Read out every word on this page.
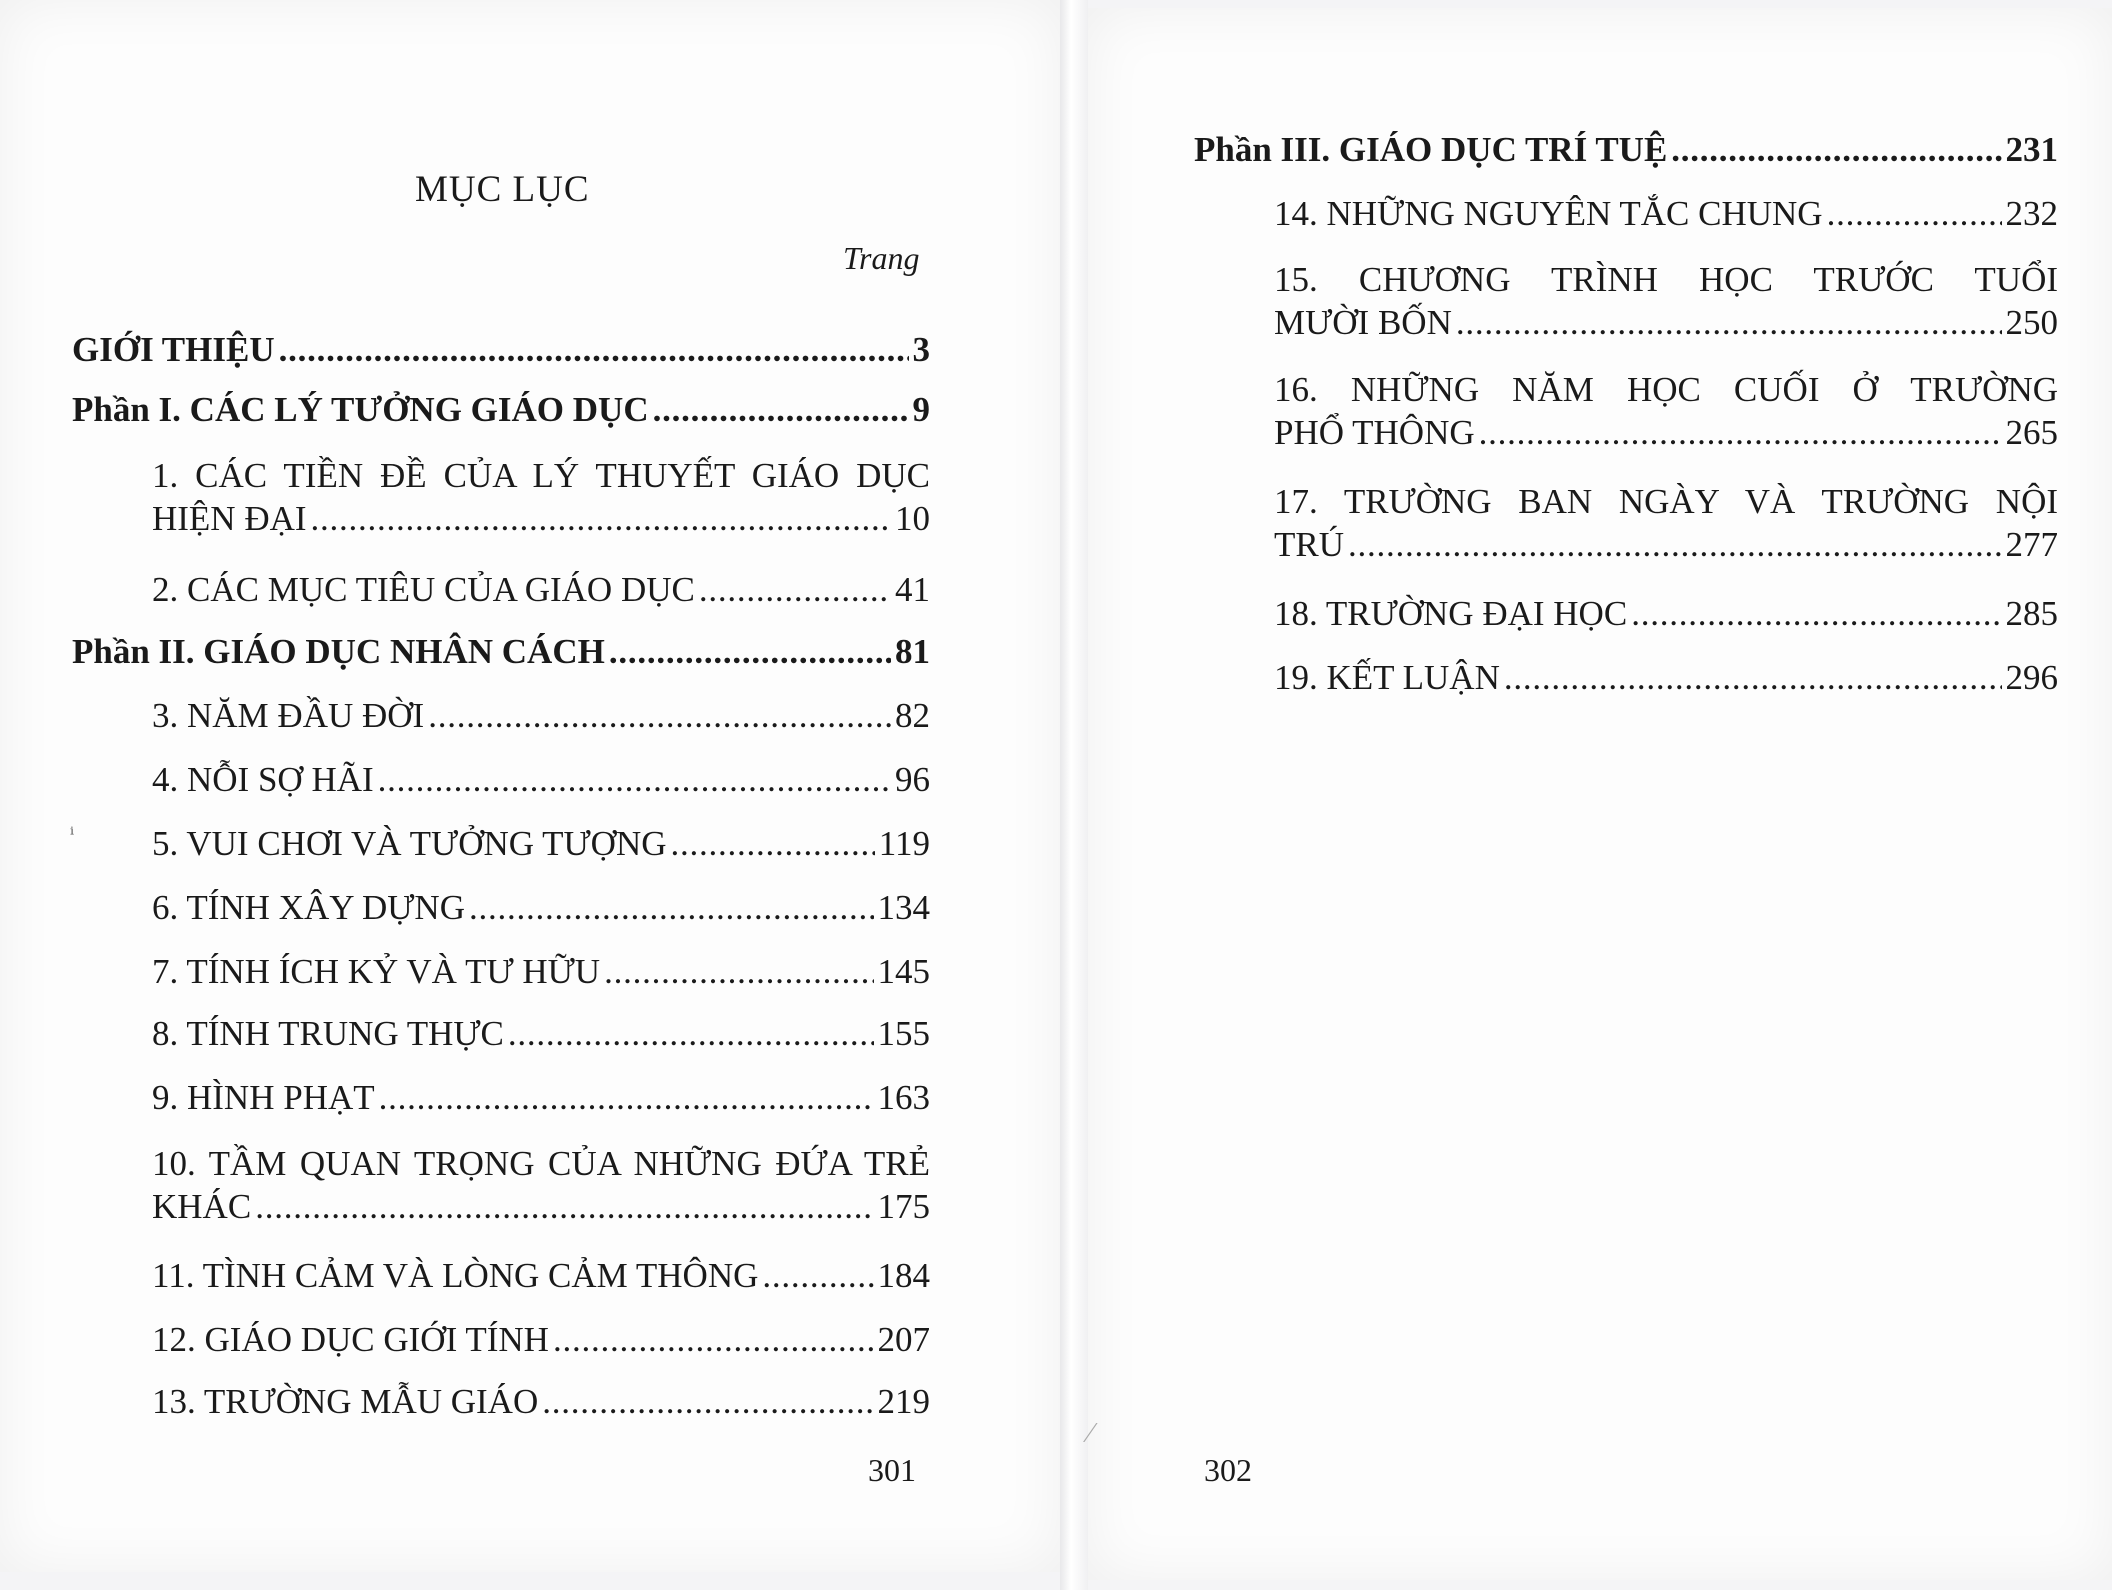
MỤC LỤC
Trang
GIỚI THIỆU . . .	3
Phần I. CÁC LÝ TƯỞNG GIÁO DỤC . . .	9
1. CÁC TIỀN ĐỀ CỦA LÝ THUYẾT GIÁO DỤC
HIỆN ĐẠI . . .	10
2. CÁC MỤC TIÊU CỦA GIÁO DỤC . . .	41
Phần II. GIÁO DỤC NHÂN CÁCH . . .	81
3. NĂM ĐẦU ĐỜI . . .	82
4. NỖI SỢ HÃI . . .	96
5. VUI CHƠI VÀ TƯỞNG TƯỢNG . . .	119
6. TÍNH XÂY DỰNG . . .	134
7. TÍNH ÍCH KỶ VÀ TƯ HỮU . . .	145
8. TÍNH TRUNG THỰC . . .	155
9. HÌNH PHẠT . . .	163
10. TẦM QUAN TRỌNG CỦA NHỮNG ĐỨA TRẺ
KHÁC . . .	175
11. TÌNH CẢM VÀ LÒNG CẢM THÔNG . . .	184
12. GIÁO DỤC GIỚI TÍNH . . .	207
13. TRƯỜNG MẪU GIÁO . . .	219
ⁱ
301
Phần III. GIÁO DỤC TRÍ TUỆ . . .	231
14. NHỮNG NGUYÊN TẮC CHUNG . . .	232
15. CHƯƠNG TRÌNH HỌC TRƯỚC TUỔI
MƯỜI BỐN . . .	250
16. NHỮNG NĂM HỌC CUỐI Ở TRƯỜNG
PHỔ THÔNG . . .	265
17. TRƯỜNG BAN NGÀY VÀ TRƯỜNG NỘI
TRÚ . . .	277
18. TRƯỜNG ĐẠI HỌC . . .	285
19. KẾT LUẬN . . .	296
⁄
302
